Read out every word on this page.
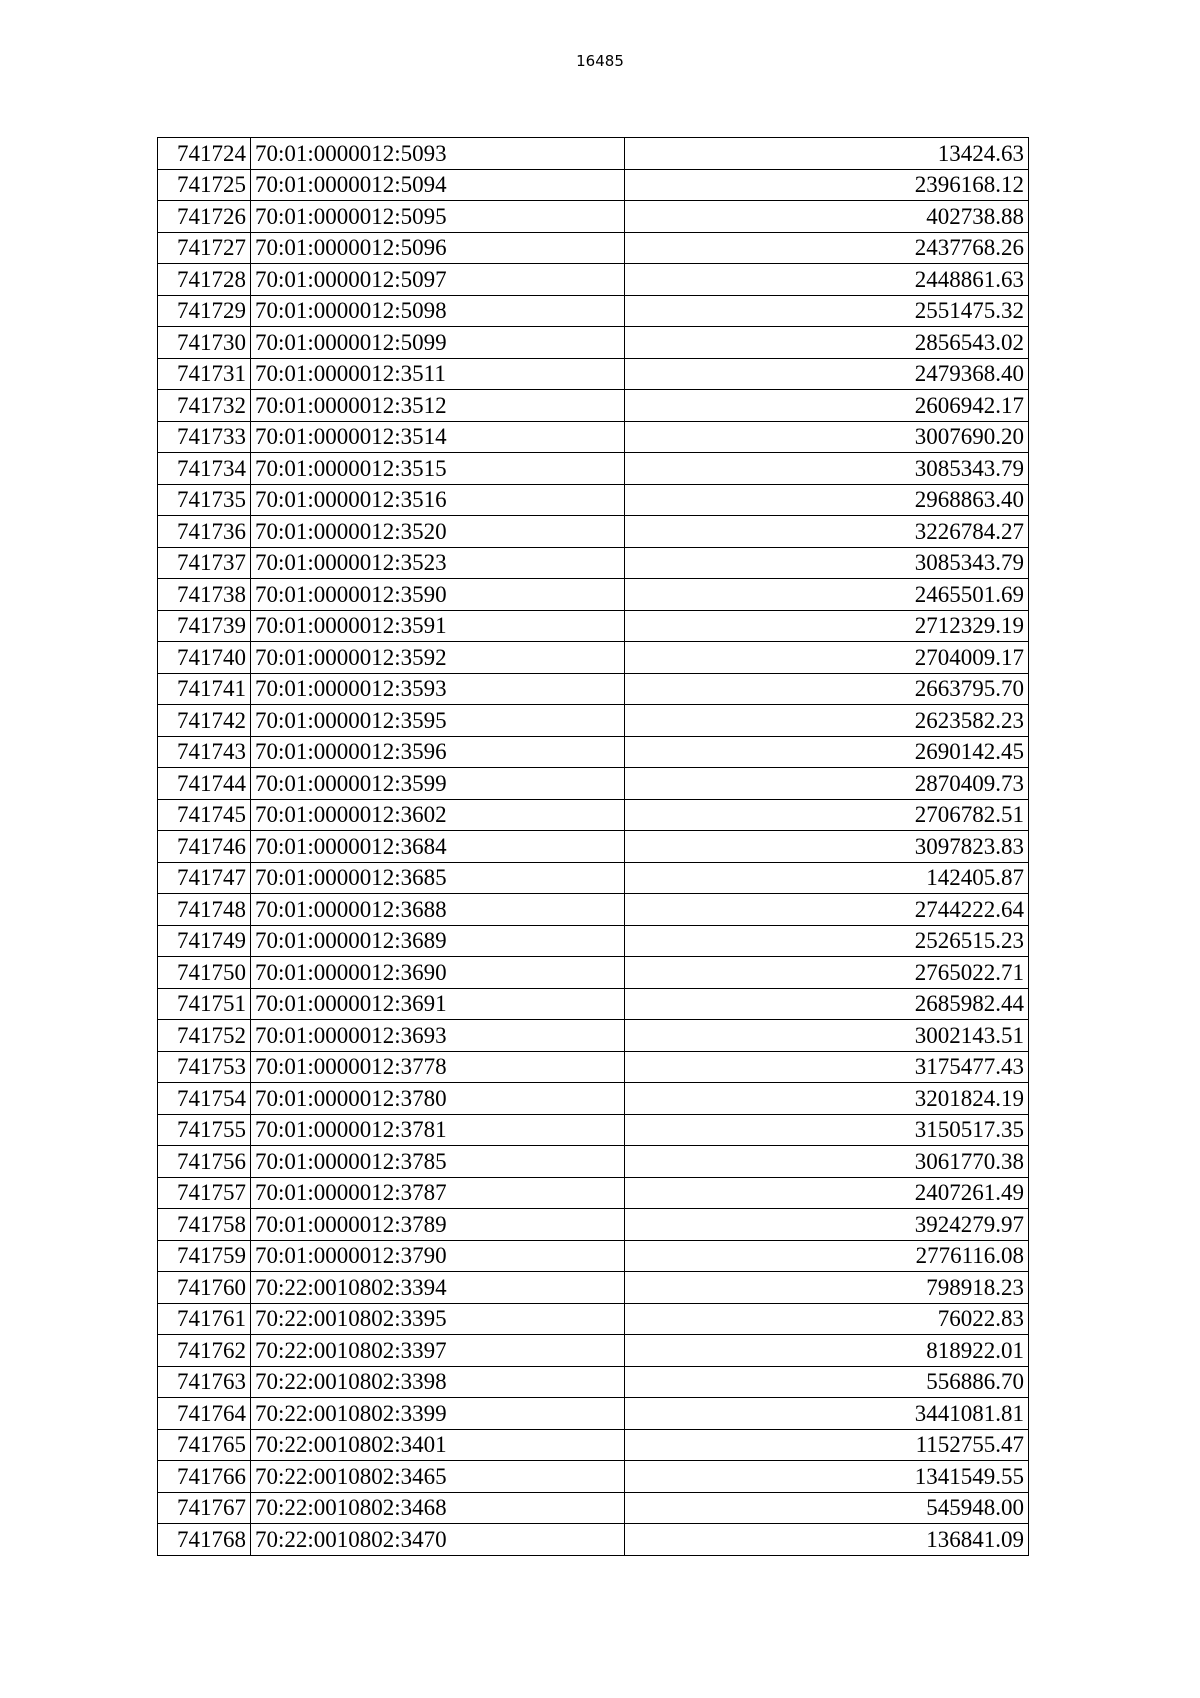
16485
741724	70:01:0000012:5093	13424.63
741725	70:01:0000012:5094	2396168.12
741726	70:01:0000012:5095	402738.88
741727	70:01:0000012:5096	2437768.26
741728	70:01:0000012:5097	2448861.63
741729	70:01:0000012:5098	2551475.32
741730	70:01:0000012:5099	2856543.02
741731	70:01:0000012:3511	2479368.40
741732	70:01:0000012:3512	2606942.17
741733	70:01:0000012:3514	3007690.20
741734	70:01:0000012:3515	3085343.79
741735	70:01:0000012:3516	2968863.40
741736	70:01:0000012:3520	3226784.27
741737	70:01:0000012:3523	3085343.79
741738	70:01:0000012:3590	2465501.69
741739	70:01:0000012:3591	2712329.19
741740	70:01:0000012:3592	2704009.17
741741	70:01:0000012:3593	2663795.70
741742	70:01:0000012:3595	2623582.23
741743	70:01:0000012:3596	2690142.45
741744	70:01:0000012:3599	2870409.73
741745	70:01:0000012:3602	2706782.51
741746	70:01:0000012:3684	3097823.83
741747	70:01:0000012:3685	142405.87
741748	70:01:0000012:3688	2744222.64
741749	70:01:0000012:3689	2526515.23
741750	70:01:0000012:3690	2765022.71
741751	70:01:0000012:3691	2685982.44
741752	70:01:0000012:3693	3002143.51
741753	70:01:0000012:3778	3175477.43
741754	70:01:0000012:3780	3201824.19
741755	70:01:0000012:3781	3150517.35
741756	70:01:0000012:3785	3061770.38
741757	70:01:0000012:3787	2407261.49
741758	70:01:0000012:3789	3924279.97
741759	70:01:0000012:3790	2776116.08
741760	70:22:0010802:3394	798918.23
741761	70:22:0010802:3395	76022.83
741762	70:22:0010802:3397	818922.01
741763	70:22:0010802:3398	556886.70
741764	70:22:0010802:3399	3441081.81
741765	70:22:0010802:3401	1152755.47
741766	70:22:0010802:3465	1341549.55
741767	70:22:0010802:3468	545948.00
741768	70:22:0010802:3470	136841.09
